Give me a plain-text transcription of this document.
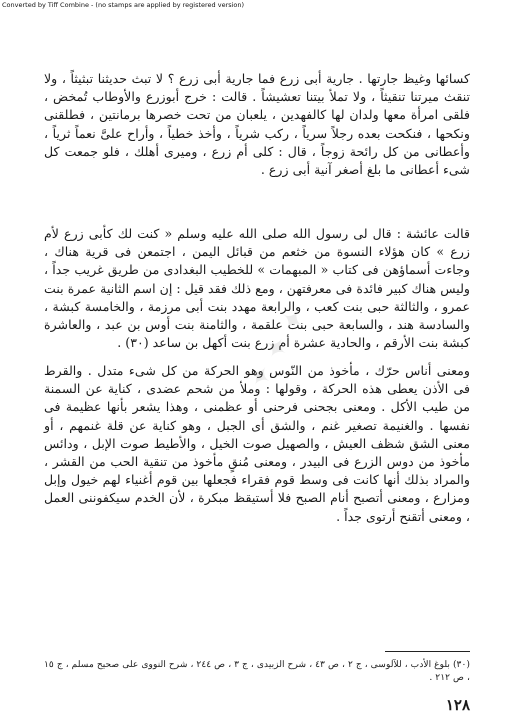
Converted by Tiff Combine - (no stamps are applied by registered version)

كسائها وغيظ جارتها . جارية أبى زرع فما جارية أبى زرع ؟ لا تبث حديثنا تبثيثاً ، ولا تنقث ميرتنا تنقيثاً ، ولا تملأ بيتنا تعشيشاً . قالت : خرج أبوزرع والأوطاب تُمخض ، فلقى امرأة معها ولدان لها كالفهدين ، يلعبان من تحت خصرها برمانتين ، فطلقنى ونكحها ، فنكحت بعده رجلاً سرياً ، ركب شرياً ، وأخذ خطياً ، وأراح علىَّ نعماً ثرياً ، وأعطانى من كل رائحة زوجاً ، قال : كلى أم زرع ، وميرى أهلك ، فلو جمعت كل شىء أعطانى ما بلغ أصغر آنية أبى زرع .

قالت عائشة : قال لى رسول الله صلى الله عليه وسلم « كنت لك كأبى زرع لأم زرع » كان هؤلاء النسوة من خثعم من قبائل اليمن ، اجتمعن فى قرية هناك ، وجاءت أسماؤهن فى كتاب « المبهمات » للخطيب البغدادى من طريق غريب جداً ، وليس هناك كبير فائدة فى معرفتهن ، ومع ذلك فقد قيل : إن اسم الثانية عمرة بنت عمرو ، والثالثة حبى بنت كعب ، والرابعة مهدد بنت أبى مرزمة ، والخامسة كبشة ، والسادسة هند ، والسابعة حبى بنت علقمة ، والثامنة بنت أوس بن عبد ، والعاشرة كبشة بنت الأرقم ، والحادية عشرة أم زرع بنت أكهل بن ساعد (٣٠) .

ومعنى أناس حرّك ، مأخوذ من النّوس وهو الحركة من كل شىء متدل . والقرط فى الأذن يعطى هذه الحركة ، وقولها : وملأ من شحم عضدى ، كناية عن السمنة من طيب الأكل . ومعنى بجحنى فرحنى أو عظمنى ، وهذا يشعر بأنها عظيمة فى نفسها . والغنيمة تصغير غنم ، والشق أى الجبل ، وهو كناية عن قلة غنمهم ، أو معنى الشق شظف العيش ، والصهيل صوت الخيل ، والأطيط صوت الإبل ، ودائس مأخوذ من دوس الزرع فى البيدر ، ومعنى مُنقٍ مأخوذ من تنقية الحب من القشر ، والمراد بذلك أنها كانت فى وسط قوم فقراء فجعلها بين قوم أغنياء لهم خيول وإبل ومزارع ، ومعنى أتصبح أنام الصبح فلا أستيقظ مبكرة ، لأن الخدم سيكفوننى العمل ، ومعنى أتقنح أرتوى جداً .

(٣٠) بلوغ الأدب ، للآلوسى ، ج ٢ ، ص ٤٣ ، شرح الزبيدى ، ج ٣ ، ص ٢٤٤ ، شرح النووى على صحيح مسلم ، ج ١٥ ، ص ٢١٢ .

١٢٨
✦ ✦ ✦
